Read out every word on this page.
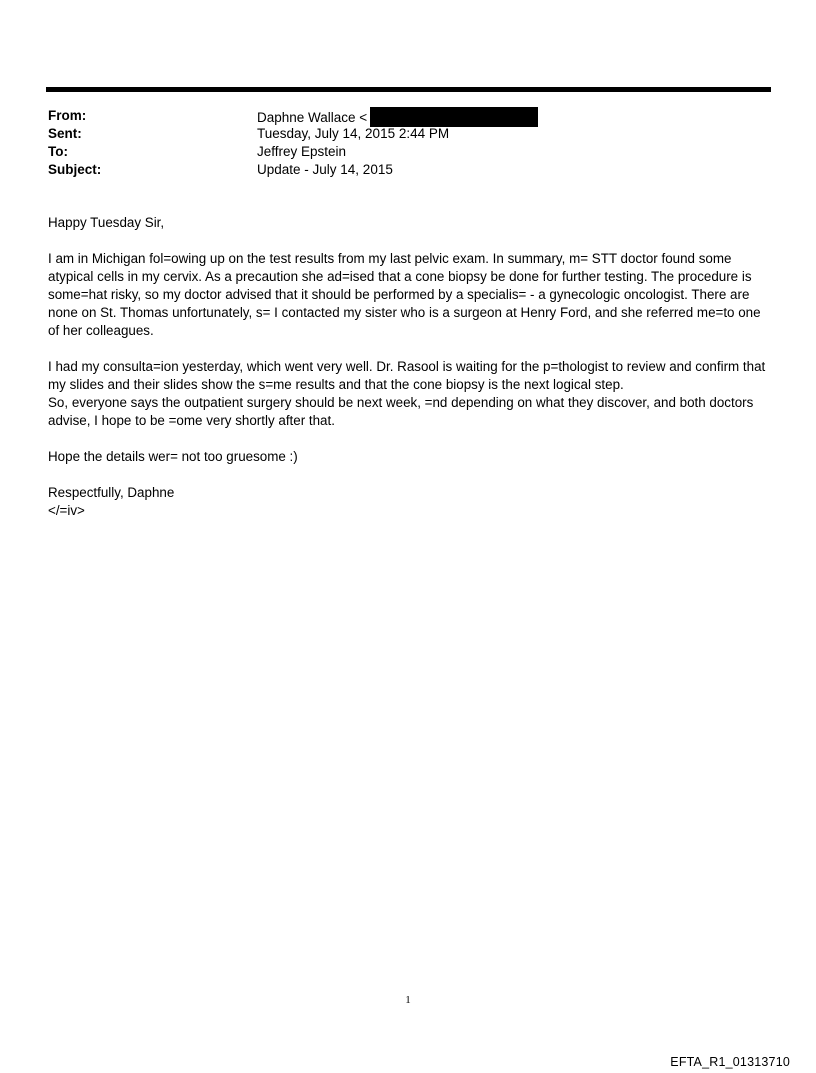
From:	Daphne Wallace <
Sent:	Tuesday, July 14, 2015 2:44 PM
To:	Jeffrey Epstein
Subject:	Update - July 14, 2015

Happy Tuesday Sir,

I am in Michigan fol=owing up on the test results from my last pelvic exam. In summary, m= STT doctor found some atypical cells in my cervix. As a precaution she ad=ised that a cone biopsy be done for further testing. The procedure is some=hat risky, so my doctor advised that it should be performed by a specialis= - a gynecologic oncologist. There are none on St. Thomas unfortunately, s= I contacted my sister who is a surgeon at Henry Ford, and she referred me=to one of her colleagues.

I had my consulta=ion yesterday, which went very well. Dr. Rasool is waiting for the p=thologist to review and confirm that my slides and their slides show the s=me results and that the cone biopsy is the next logical step.

So, everyone says the outpatient surgery should be next week, =nd depending on what they discover, and both doctors advise, I hope to be =ome very shortly after that.

Hope the details wer= not too gruesome :)

Respectfully, Daphne

</=iv>

1
EFTA_R1_01313710
